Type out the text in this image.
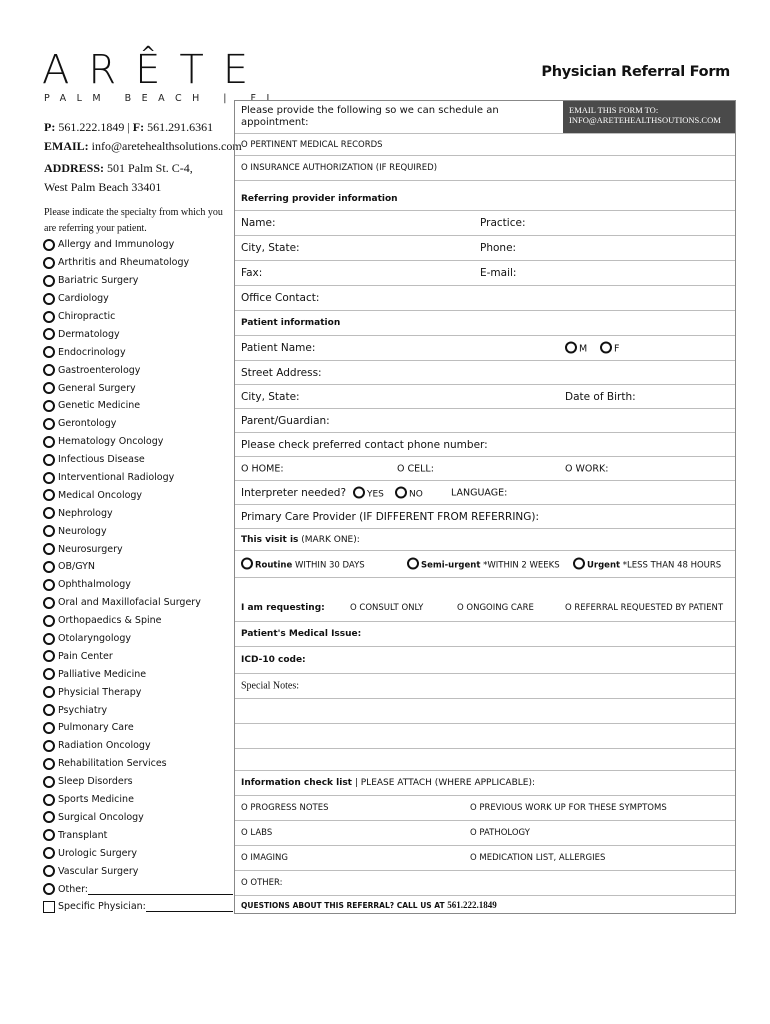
ARÊTE
PALM BEACH | FL
Physician Referral Form
P: 561.222.1849 | F: 561.291.6361
EMAIL: info@aretehealthsolutions.com
ADDRESS: 501 Palm St. C-4,
West Palm Beach 33401
Please indicate the specialty from which you are referring your patient.
Allergy and Immunology
Arthritis and Rheumatology
Bariatric Surgery
Cardiology
Chiropractic
Dermatology
Endocrinology
Gastroenterology
General Surgery
Genetic Medicine
Gerontology
Hematology Oncology
Infectious Disease
Interventional Radiology
Medical Oncology
Nephrology
Neurology
Neurosurgery
OB/GYN
Ophthalmology
Oral and Maxillofacial Surgery
Orthopaedics & Spine
Otolaryngology
Pain Center
Palliative Medicine
Physicial Therapy
Psychiatry
Pulmonary Care
Radiation Oncology
Rehabilitation Services
Sleep Disorders
Sports Medicine
Surgical Oncology
Transplant
Urologic Surgery
Vascular Surgery
Other:
Specific Physician:
Please provide the following so we can schedule an appointment:
EMAIL THIS FORM TO:
INFO@ARETEHEALTHSOUTIONS.COM
O PERTINENT MEDICAL RECORDS
O INSURANCE AUTHORIZATION (IF REQUIRED)
Referring provider information
Name:	Practice:
City, State:	Phone:
Fax:	E-mail:
Office Contact:
Patient information
Patient Name:	M	F
Street Address:
City, State:	Date of Birth:
Parent/Guardian:
Please check preferred contact phone number:
O HOME:	O CELL:	O WORK:
Interpreter needed?	YES	NO	LANGUAGE:
Primary Care Provider (IF DIFFERENT FROM REFERRING):
This visit is (MARK ONE):
Routine WITHIN 30 DAYS	Semi-urgent *WITHIN 2 WEEKS	Urgent *LESS THAN 48 HOURS
I am requesting:	O CONSULT ONLY	O ONGOING CARE	O REFERRAL REQUESTED BY PATIENT
Patient's Medical Issue:
ICD-10 code:
Special Notes:
Information check list | PLEASE ATTACH (WHERE APPLICABLE):
O PROGRESS NOTES	O PREVIOUS WORK UP FOR THESE SYMPTOMS
O LABS	O PATHOLOGY
O IMAGING	O MEDICATION LIST, ALLERGIES
O OTHER:
QUESTIONS ABOUT THIS REFERRAL? CALL US AT 561.222.1849
